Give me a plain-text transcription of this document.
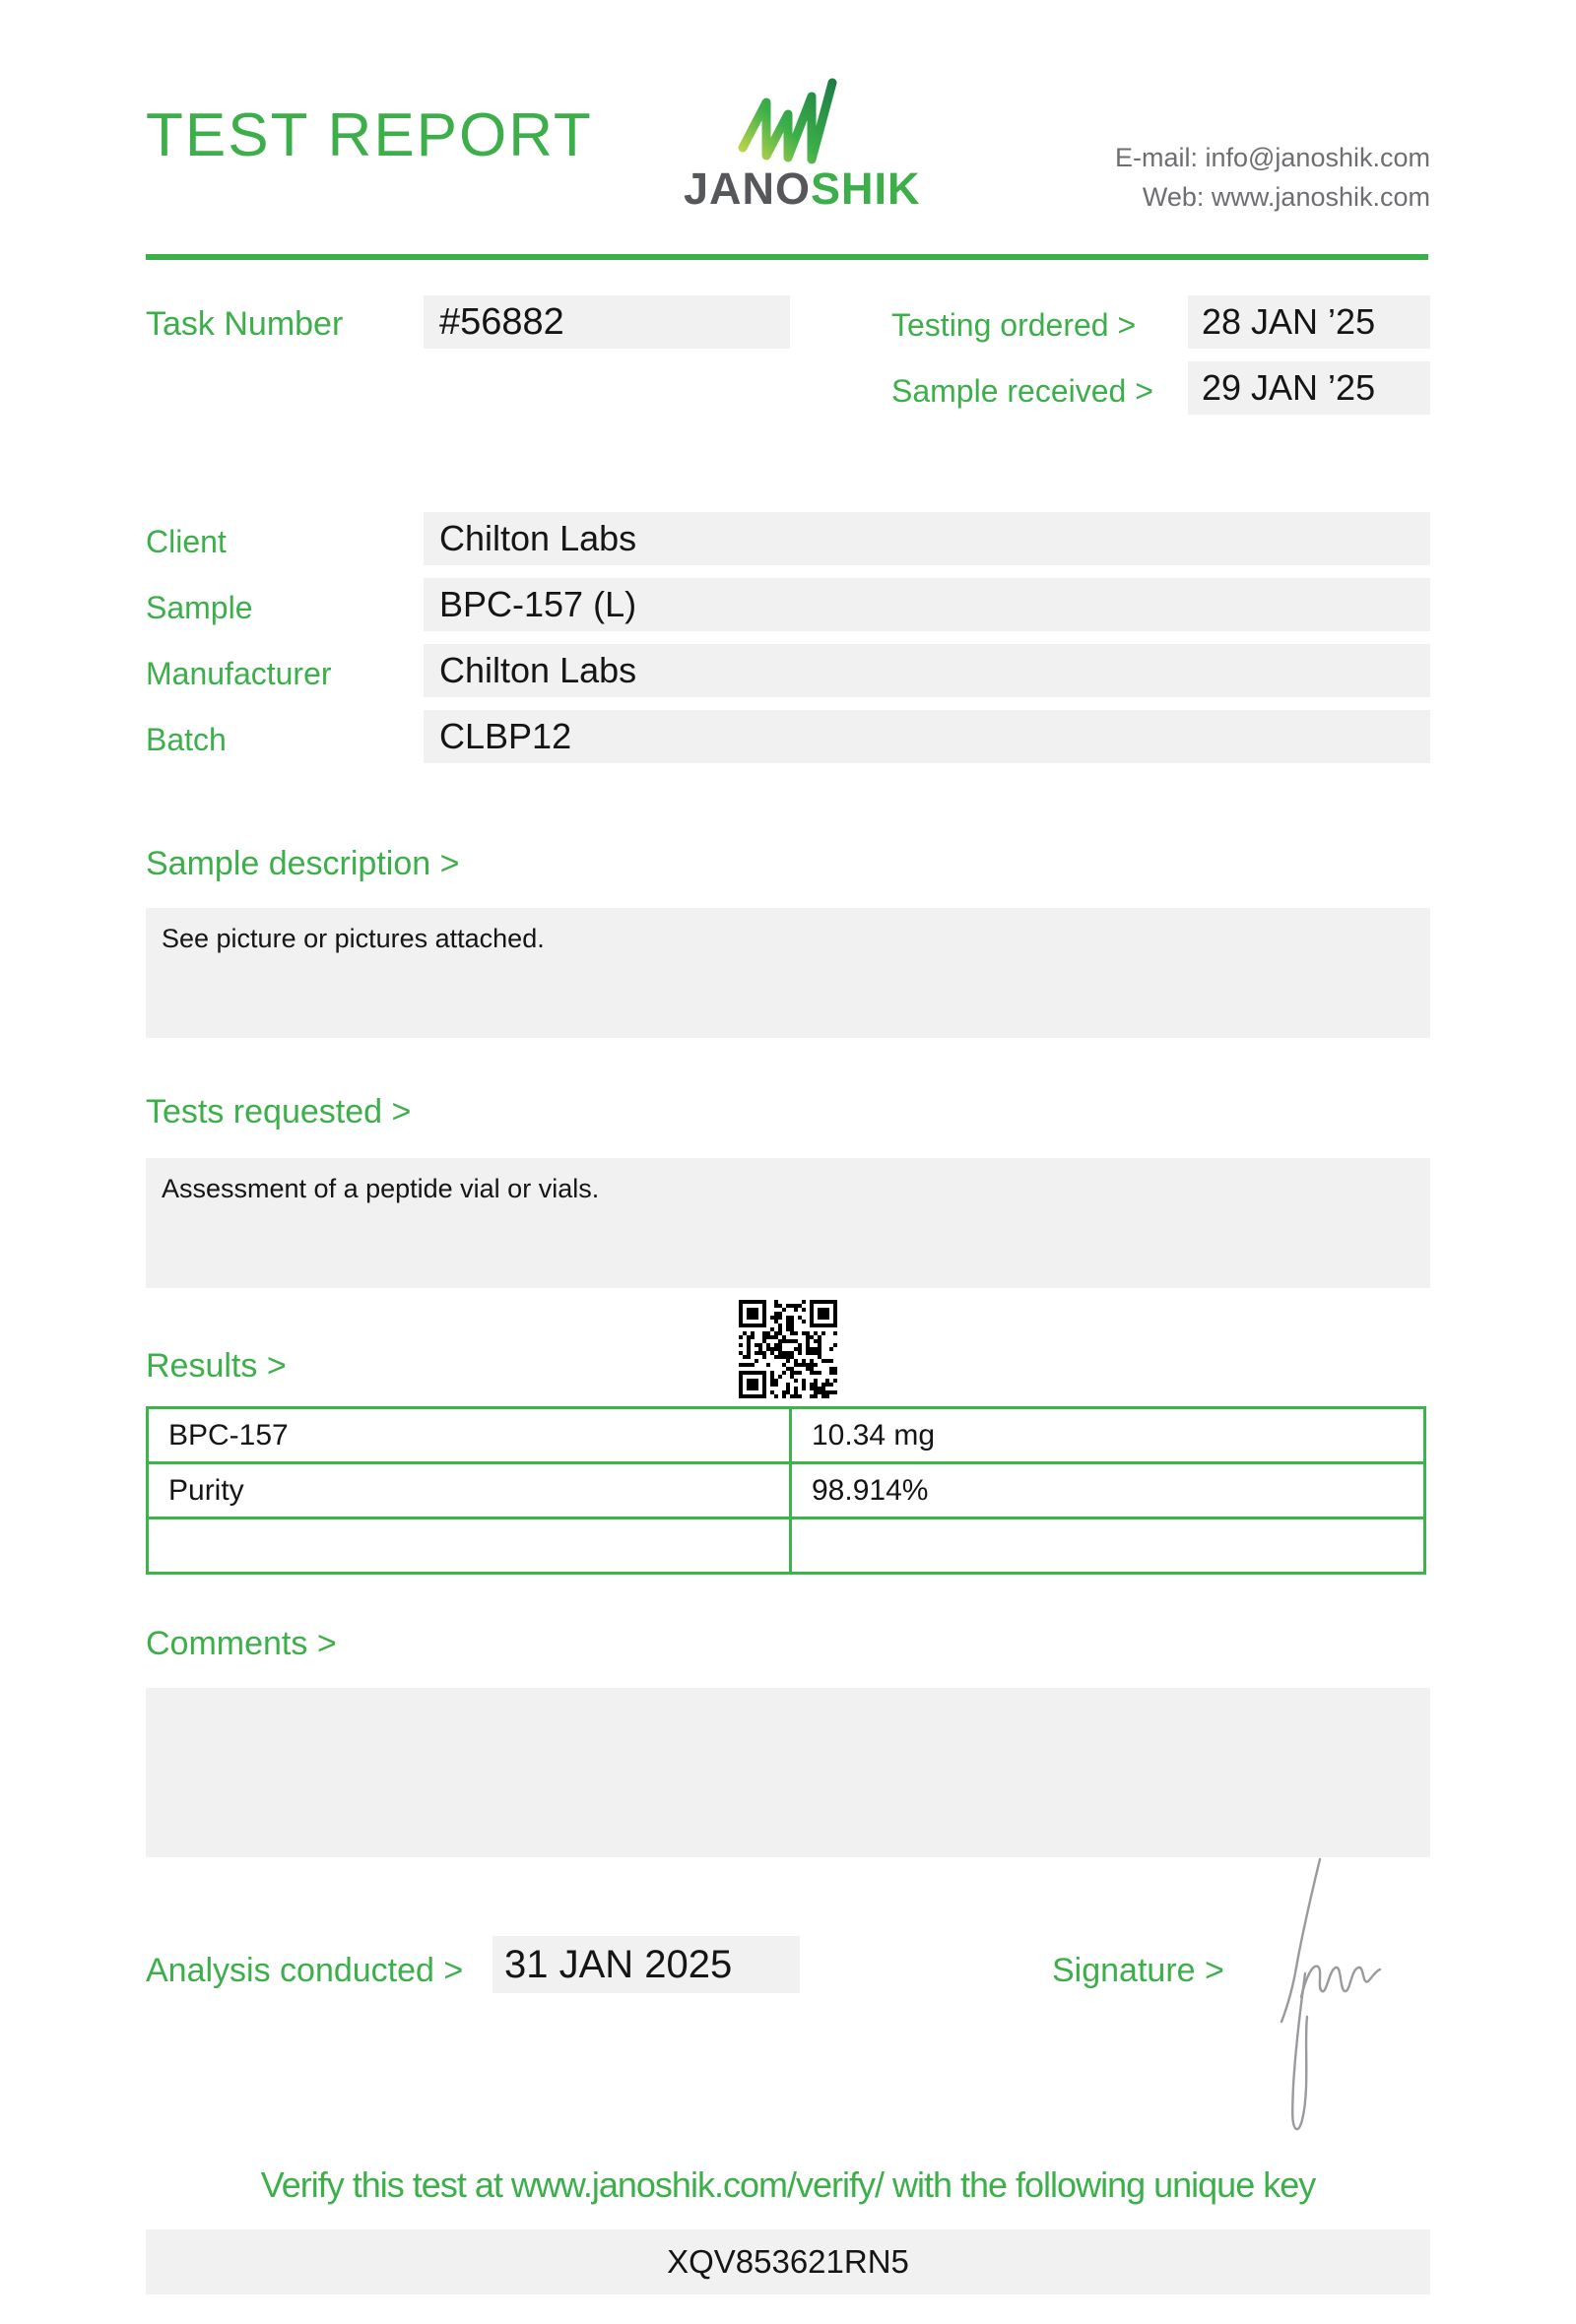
TEST REPORT
JANOSHIK
E-mail: info@janoshik.com
Web: www.janoshik.com
Task Number	#56882	Testing ordered >	28 JAN ’25
Sample received >	29 JAN ’25
Client	Chilton Labs
Sample	BPC-157 (L)
Manufacturer	Chilton Labs
Batch	CLBP12
Sample description >
See picture or pictures attached.
Tests requested >
Assessment of a peptide vial or vials.
Results >
BPC-157	10.34 mg
Purity	98.914%

Comments >
Analysis conducted >	31 JAN 2025	Signature >
Verify this test at www.janoshik.com/verify/ with the following unique key
XQV853621RN5
